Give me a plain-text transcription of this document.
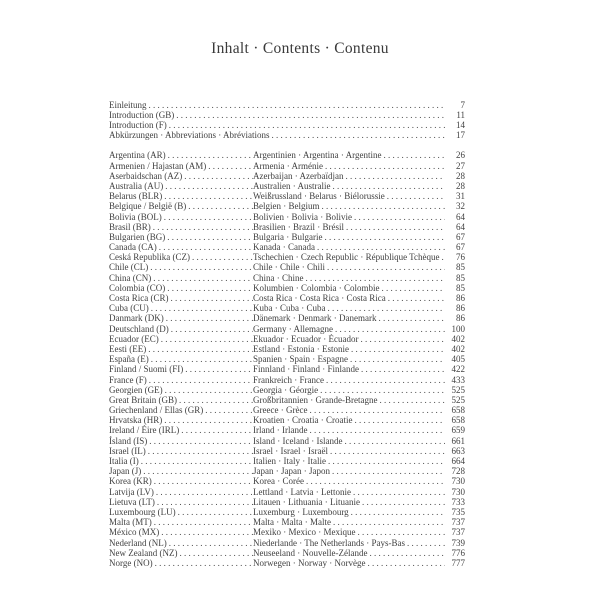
Inhalt · Contents · Contenu
Einleitung . . .	7
Introduction (GB) . . .	11
Introduction (F) . . .	14
Abkürzungen · Abbreviations · Abréviations . . .	17
Argentina (AR) . . .	Argentinien · Argentina · Argentine . . .	26
Armenien / Hajastan (AM) . . .	Armenia · Arménie . . .	27
Aserbaidschan (AZ) . . .	Azerbaijan · Azerbaïdjan . . .	28
Australia (AU) . . .	Australien · Australie . . .	28
Belarus (BLR) . . .	Weißrussland · Belarus · Biélorussie . . .	31
Belgique / België (B) . . .	Belgien · Belgium . . .	32
Bolivia (BOL) . . .	Bolivien · Bolivia · Bolivie . . .	64
Brasil (BR) . . .	Brasilien · Brazil · Brésil . . .	64
Bulgarien (BG) . . .	Bulgaria · Bulgarie . . .	67
Canada (CA) . . .	Kanada · Canada . . .	67
Ceská Republika (CZ) . . .	Tschechien · Czech Republic · République Tchèque . . .	76
Chile (CL) . . .	Chile · Chile · Chili . . .	85
China (CN) . . .	China · Chine . . .	85
Colombia (CO) . . .	Kolumbien · Colombia · Colombie . . .	85
Costa Rica (CR) . . .	Costa Rica · Costa Rica · Costa Rica . . .	86
Cuba (CU) . . .	Kuba · Cuba · Cuba . . .	86
Danmark (DK) . . .	Dänemark · Denmark · Danemark . . .	86
Deutschland (D) . . .	Germany · Allemagne . . .	100
Ecuador (EC) . . .	Ekuador · Ecuador · Écuador . . .	402
Eesti (EE) . . .	Estland · Estonia · Estonie . . .	402
España (E) . . .	Spanien · Spain · Espagne . . .	405
Finland / Suomi (FI) . . .	Finnland · Finland · Finlande . . .	422
France (F) . . .	Frankreich · France . . .	433
Georgien (GE) . . .	Georgia · Géorgie . . .	525
Great Britain (GB) . . .	Großbritannien · Grande-Bretagne . . .	525
Griechenland / Ellas (GR) . . .	Greece · Grèce . . .	658
Hrvatska (HR) . . .	Kroatien · Croatia · Croatie . . .	658
Ireland / Éire (IRL) . . .	Irland · Irlande . . .	659
Ísland (IS) . . .	Island · Iceland · Islande . . .	661
Israel (IL) . . .	Israel · Israel · Israël . . .	663
Italia (I) . . .	Italien · Italy · Italie . . .	664
Japan (J) . . .	Japan · Japan · Japon . . .	728
Korea (KR) . . .	Korea · Corée . . .	730
Latvija (LV) . . .	Lettland · Latvia · Lettonie . . .	730
Lietuva (LT) . . .	Litauen · Lithuania · Lituanie . . .	733
Luxembourg (LU) . . .	Luxemburg · Luxembourg . . .	735
Malta (MT) . . .	Malta · Malta · Malte . . .	737
México (MX) . . .	Mexiko · Mexico · Mexique . . .	737
Nederland (NL) . . .	Niederlande · The Netherlands · Pays-Bas . . .	739
New Zealand (NZ) . . .	Neuseeland · Nouvelle-Zélande . . .	776
Norge (NO) . . .	Norwegen · Norway · Norvège . . .	777
